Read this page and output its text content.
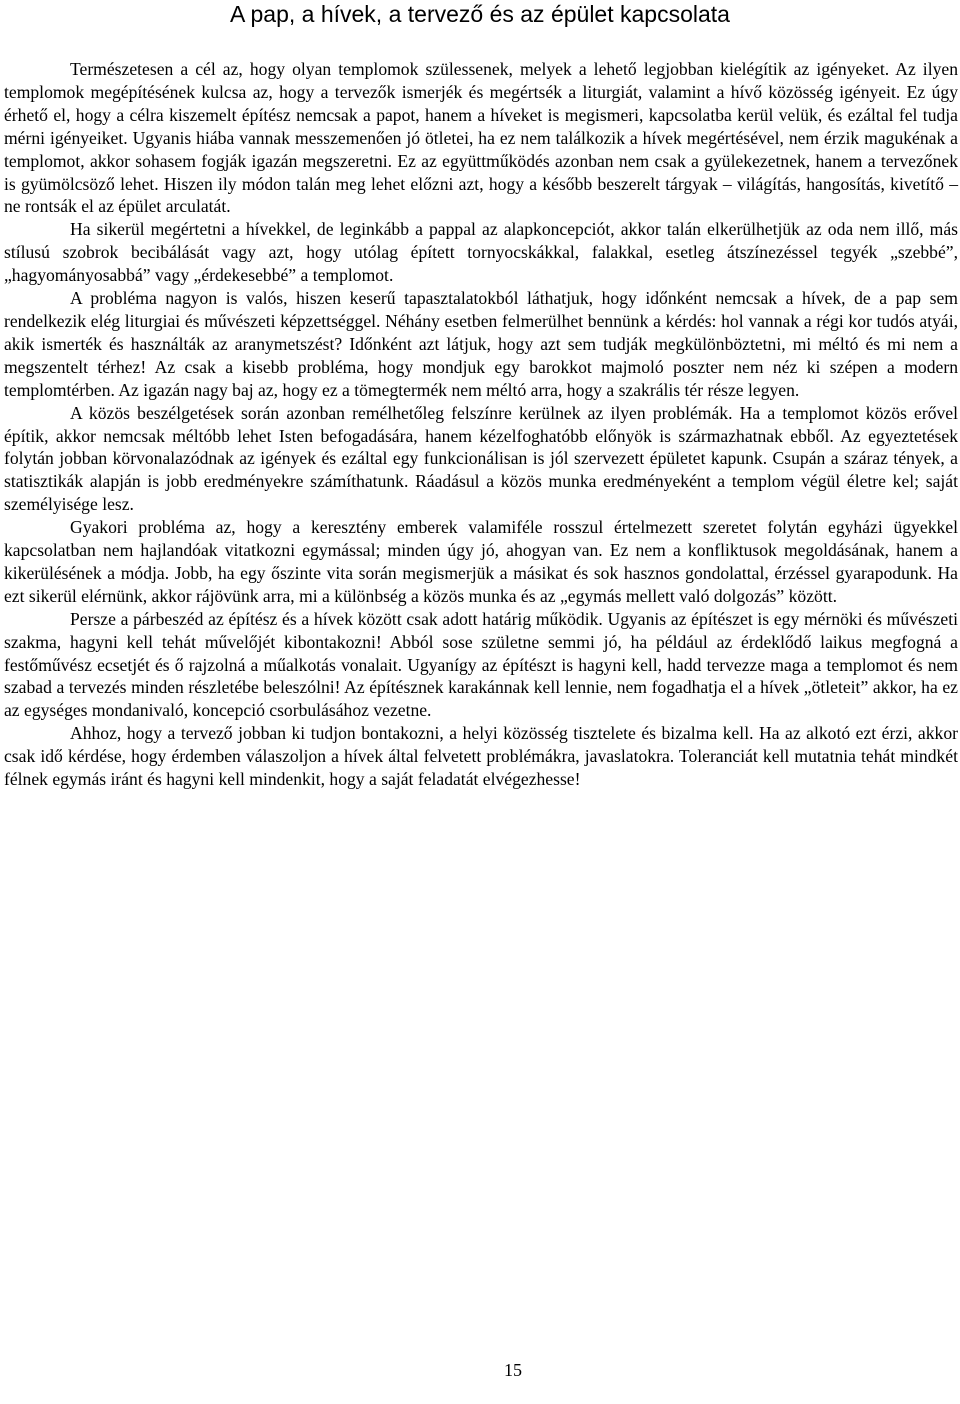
A pap, a hívek, a tervező és az épület kapcsolata

Természetesen a cél az, hogy olyan templomok szülessenek, melyek a lehető legjobban kielégítik az igényeket. Az ilyen templomok megépítésének kulcsa az, hogy a tervezők ismerjék és megértsék a liturgiát, valamint a hívő közösség igényeit. Ez úgy érhető el, hogy a célra kiszemelt építész nemcsak a papot, hanem a híveket is megismeri, kapcsolatba kerül velük, és ezáltal fel tudja mérni igényeiket. Ugyanis hiába vannak messzemenően jó ötletei, ha ez nem találkozik a hívek megértésével, nem érzik magukénak a templomot, akkor sohasem fogják igazán megszeretni. Ez az együttműködés azonban nem csak a gyülekezetnek, hanem a tervezőnek is gyümölcsöző lehet. Hiszen ily módon talán meg lehet előzni azt, hogy a később beszerelt tárgyak – világítás, hangosítás, kivetítő – ne rontsák el az épület arculatát.

Ha sikerül megértetni a hívekkel, de leginkább a pappal az alapkoncepciót, akkor talán elkerülhetjük az oda nem illő, más stílusú szobrok becibálását vagy azt, hogy utólag épített tornyocskákkal, falakkal, esetleg átszínezéssel tegyék „szebbé”, „hagyományosabbá” vagy „érdekesebbé” a templomot.

A probléma nagyon is valós, hiszen keserű tapasztalatokból láthatjuk, hogy időnként nemcsak a hívek, de a pap sem rendelkezik elég liturgiai és művészeti képzettséggel. Néhány esetben felmerülhet bennünk a kérdés: hol vannak a régi kor tudós atyái, akik ismerték és használták az aranymetszést? Időnként azt látjuk, hogy azt sem tudják megkülönböztetni, mi méltó és mi nem a megszentelt térhez! Az csak a kisebb probléma, hogy mondjuk egy barokkot majmoló poszter nem néz ki szépen a modern templomtérben. Az igazán nagy baj az, hogy ez a tömegtermék nem méltó arra, hogy a szakrális tér része legyen.

A közös beszélgetések során azonban remélhetőleg felszínre kerülnek az ilyen problémák. Ha a templomot közös erővel építik, akkor nemcsak méltóbb lehet Isten befogadására, hanem kézelfoghatóbb előnyök is származhatnak ebből. Az egyeztetések folytán jobban körvonalazódnak az igények és ezáltal egy funkcionálisan is jól szervezett épületet kapunk. Csupán a száraz tények, a statisztikák alapján is jobb eredményekre számíthatunk. Ráadásul a közös munka eredményeként a templom végül életre kel; saját személyisége lesz.

Gyakori probléma az, hogy a keresztény emberek valamiféle rosszul értelmezett szeretet folytán egyházi ügyekkel kapcsolatban nem hajlandóak vitatkozni egymással; minden úgy jó, ahogyan van. Ez nem a konfliktusok megoldásának, hanem a kikerülésének a módja. Jobb, ha egy őszinte vita során megismerjük a másikat és sok hasznos gondolattal, érzéssel gyarapodunk. Ha ezt sikerül elérnünk, akkor rájövünk arra, mi a különbség a közös munka és az „egymás mellett való dolgozás” között.

Persze a párbeszéd az építész és a hívek között csak adott határig működik. Ugyanis az építészet is egy mérnöki és művészeti szakma, hagyni kell tehát művelőjét kibontakozni! Abból sose születne semmi jó, ha például az érdeklődő laikus megfogná a festőművész ecsetjét és ő rajzolná a műalkotás vonalait. Ugyanígy az építészt is hagyni kell, hadd tervezze maga a templomot és nem szabad a tervezés minden részletébe beleszólni! Az építésznek karakánnak kell lennie, nem fogadhatja el a hívek „ötleteit” akkor, ha ez az egységes mondanivaló, koncepció csorbulásához vezetne.

Ahhoz, hogy a tervező jobban ki tudjon bontakozni, a helyi közösség tisztelete és bizalma kell. Ha az alkotó ezt érzi, akkor csak idő kérdése, hogy érdemben válaszoljon a hívek által felvetett problémákra, javaslatokra. Toleranciát kell mutatnia tehát mindkét félnek egymás iránt és hagyni kell mindenkit, hogy a saját feladatát elvégezhesse!

15
